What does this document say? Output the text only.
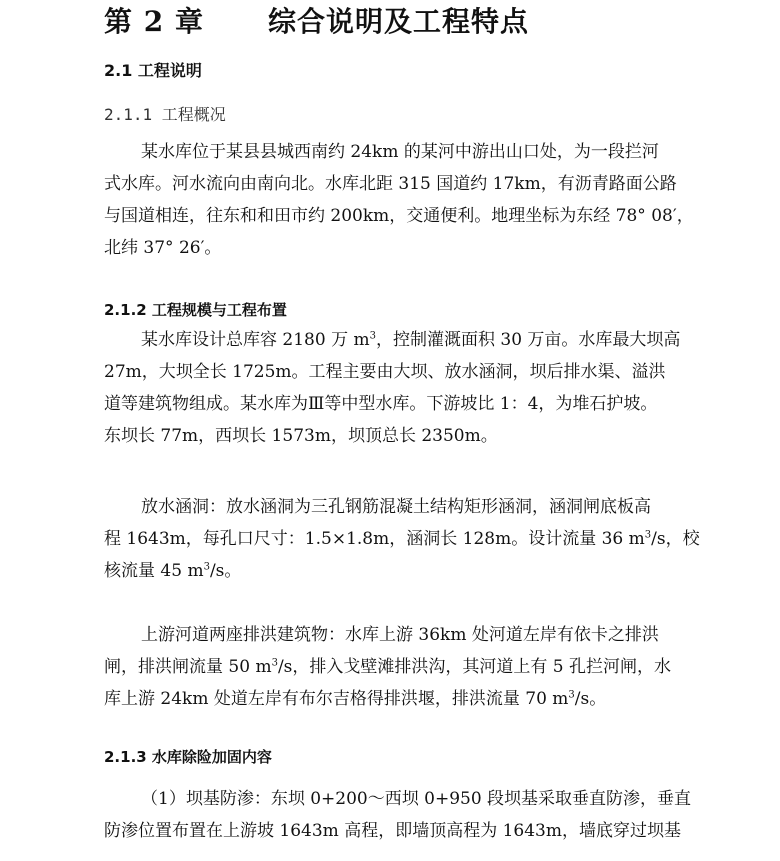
第 2 章 综合说明及工程特点
2.1 工程说明
2.1.1 工程概况
某水库位于某县县城西南约 24km 的某河中游出山口处，为一段拦河
式水库。河水流向由南向北。水库北距 315 国道约 17km，有沥青路面公路
与国道相连，往东和和田市约 200km，交通便利。地理坐标为东经 78° 08′，
北纬 37° 26′。
2.1.2 工程规模与工程布置
某水库设计总库容 2180 万 $m^3$，控制灌溉面积 30 万亩。水库最大坝高
27m，大坝全长 1725m。工程主要由大坝、放水涵洞，坝后排水渠、溢洪
道等建筑物组成。某水库为Ⅲ等中型水库。下游坡比 1：4，为堆石护坡。
东坝长 77m，西坝长 1573m，坝顶总长 2350m。
放水涵洞：放水涵洞为三孔钢筋混凝土结构矩形涵洞，涵洞闸底板高
程 1643m，每孔口尺寸：1.5×1.8m，涵洞长 128m。设计流量 36 $m^3/s$，校
核流量 45 $m^3/s$。
上游河道两座排洪建筑物：水库上游 36km 处河道左岸有依卡之排洪
闸，排洪闸流量 50 $m^3/s$，排入戈壁滩排洪沟，其河道上有 5 孔拦河闸，水
库上游 24km 处道左岸有布尔吉格得排洪堰，排洪流量 70 $m^3/s$。
2.1.3 水库除险加固内容
（1）坝基防渗：东坝 0+200～西坝 0+950 段坝基采取垂直防渗，垂直
防渗位置布置在上游坡 1643m 高程，即墙顶高程为 1643m，墙底穿过坝基
